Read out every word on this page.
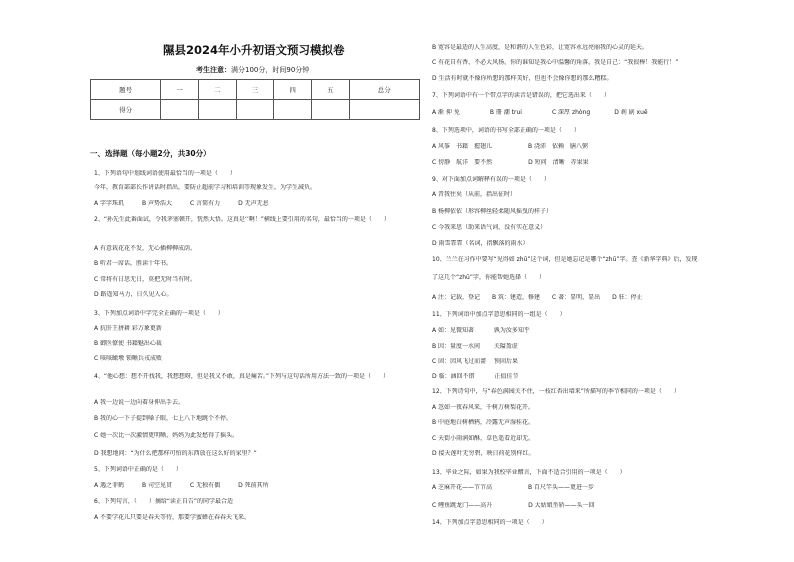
隰县2024年小升初语文预习模拟卷
考生注意：满分100分，时间90分钟
题号	一	二	三	四	五	总分
得分						
一、选择题（每小题2分，共30分）
1、下列语句中划线词语使用最恰当的一项是（　　）
今年，教育部部长作讲话时指出，要防止超前学习和培训等现象发生，为学生减负。
A 字字珠玑　　　B 声势浩大　　　C 言简有力　　　D 无声无息
2、“孙先生此番面试，令我茅塞顿开，恍然大悟。这真是‘’啊！”横线上要引用的名句，最恰当的一项是（　　）
A 有意栽花花不发，无心插柳柳成荫。
B 听君一席话，胜读十年书。
C 常将有日思无日，莫把无时当有时。
D 路遥知马力，日久见人心。
3、下列加点词语中字完全正确的一项是（　　）
A 抗肝王拼耕 彩万象更新
B 御医僚使 书籍魅出心裁
C 咳咳瞰墩 锁晰兵戎成败
4、“他心想：想不开找我，我想想呀，但是我又不敢，真是痛苦。”下列与这句话所用方法一致的一项是（　　）
A 我一边说一边向着身伸出手去。
B 我的心一下子提到嗓子眼，七上八下地跳个不停。
C 她一次比一次激情更明晰，妈妈为此发愁得了摇头。
D 我想地问：“为什么把那样可怕的东西放在这么好的家里？”
5、下列词语中正确的是（　　）
A 遇之菲鹤　　　B 司空见贯　　　C 无独有偶　　　D 死前其所
6、下列句言，（　　）摘给“读正自告”的同学最合适
A 不要学花儿只要是春天等待，那要学蜜蜂在春春天飞来。
B 宽容是最适的人生高度，是和谐的人生色彩，让宽容永远亮丽我的心灵的延天。
C 有花自有香，不必大风扬。你的谁知是我心中温馨的角落，我是自己：“我很棒！我能行！”
D 生活有时就不像你所想的那样美好，但也不会像你想的那么糟糕。
7、下列词语中有一个带点字的读音是错误的，把它选出来（　　）
A 渐 抑 免　　　　　B 冊 潮 trui　　　　　C 深厚 zhòng　　　　D 刹 剧 xuē
8、下列选项中，词语的书写全部正确的一项是（　　）
A 风筝　书籍　握翅儿　　　　　　B 浇沛　依赖　膳八粥
C 傍静　航洋　要不然　　　　　　D 短问　清晰　赤果果
9、对下面加点词解释有误的一项是（　　）
A 昔我往矣（从前，指出征时）
B 杨柳依依（形容柳丝轻柔随风摇曳的样子）
C 今我来思（助来语气词，没有实在意义）
D 雨雪霏霏（名词，指飘落的雨水）
10、兰兰在习作中要写“见得如 zhū”这个词，但是她忘记是哪个“zhū”字。查《新华字典》后，发现
了这几个“zhū”字，你能帮她选择（　　）
A 注：记载，登记　　B 筑：建造，修建　　C 著：显明，显出　　D 驻：停止
11、下列词语中加点字意思相同的一组是（　　）
A 如：见微知著　　　 孰为汝多知乎
B 因：量度一水间　　 关隘盈虚
C 固：因风飞过而蔷　 预固后果
D 临：涵回不错　　　 正值佳节
12、下列诗句中，与“春色满园关不住，一枝红杏出墙来”所描写的季节相同的一项是（　　）
A 忽如一夜春风来，千树万树梨花开。
B 中庭地白树栖鸦，冷露无声湿桂花。
C 天街小雨润如酥，草色遥看近却无。
D 接天莲叶无穷碧，映日荷花别样红。
13、毕业之际，如果为我校毕业赠言，下面不适合引用的一项是（　　）
A 芝麻开花——节节高　　　　　　B 百尺竿头——更进一步
C 鲤鱼跳龙门——高升　　　　　　D 大姑娘坐轿——头一回
14、下列加点字意思相同的一项是（　　）
